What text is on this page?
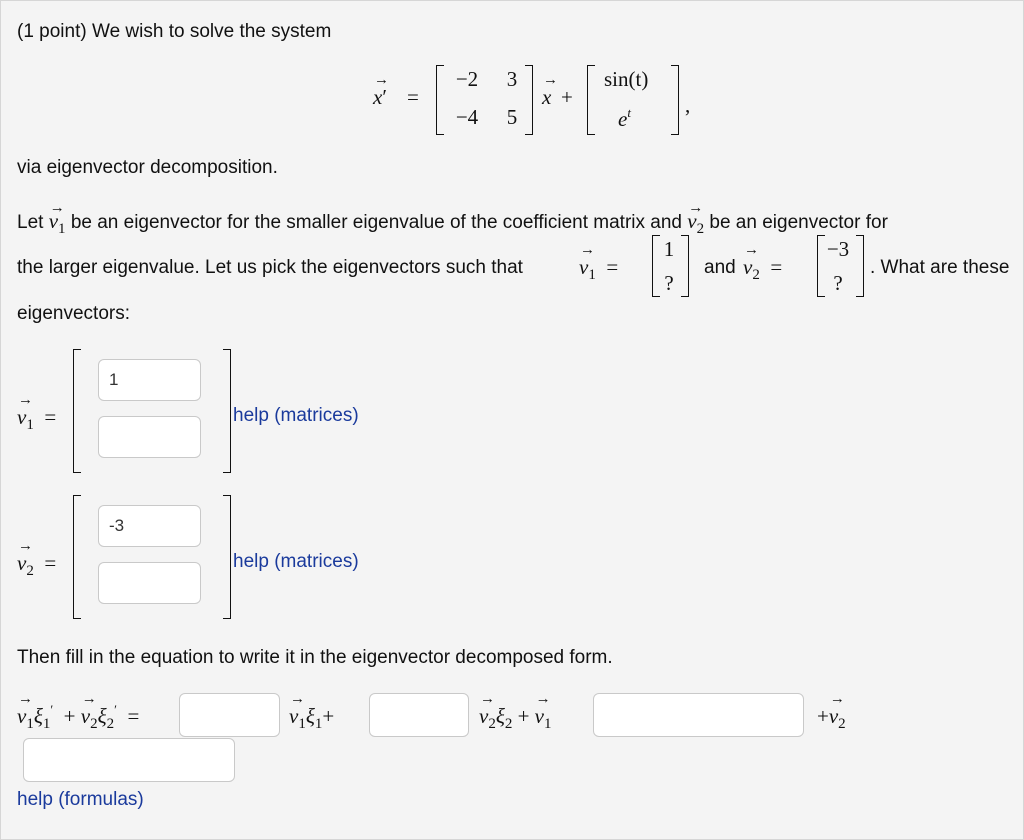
(1 point) We wish to solve the system
→ x′ =
−2	3
−4	5
→ x +
sin(t)
$e^t$	,
via eigenvector decomposition.
Let → $v_1$ be an eigenvector for the smaller eigenvalue of the coefficient matrix and → $v_2$ be an eigenvector for
the larger eigenvalue. Let us pick the eigenvectors such that	→ $v_1$  =
1
?
and → $v_2$  =
−3
?
. What are these
eigenvectors:
→ $v_1$ =
1	help (matrices)
→ $v_2$ =
-3	help (matrices)
Then fill in the equation to write it in the eigenvector decomposed form.
→ $v_1\xi_1'$ + → $v_2\xi_2'$  =	→ $v_1\xi_1+$	→ $v_2\xi_2$ + → $v_1$	+→ $v_2$
help (formulas)
